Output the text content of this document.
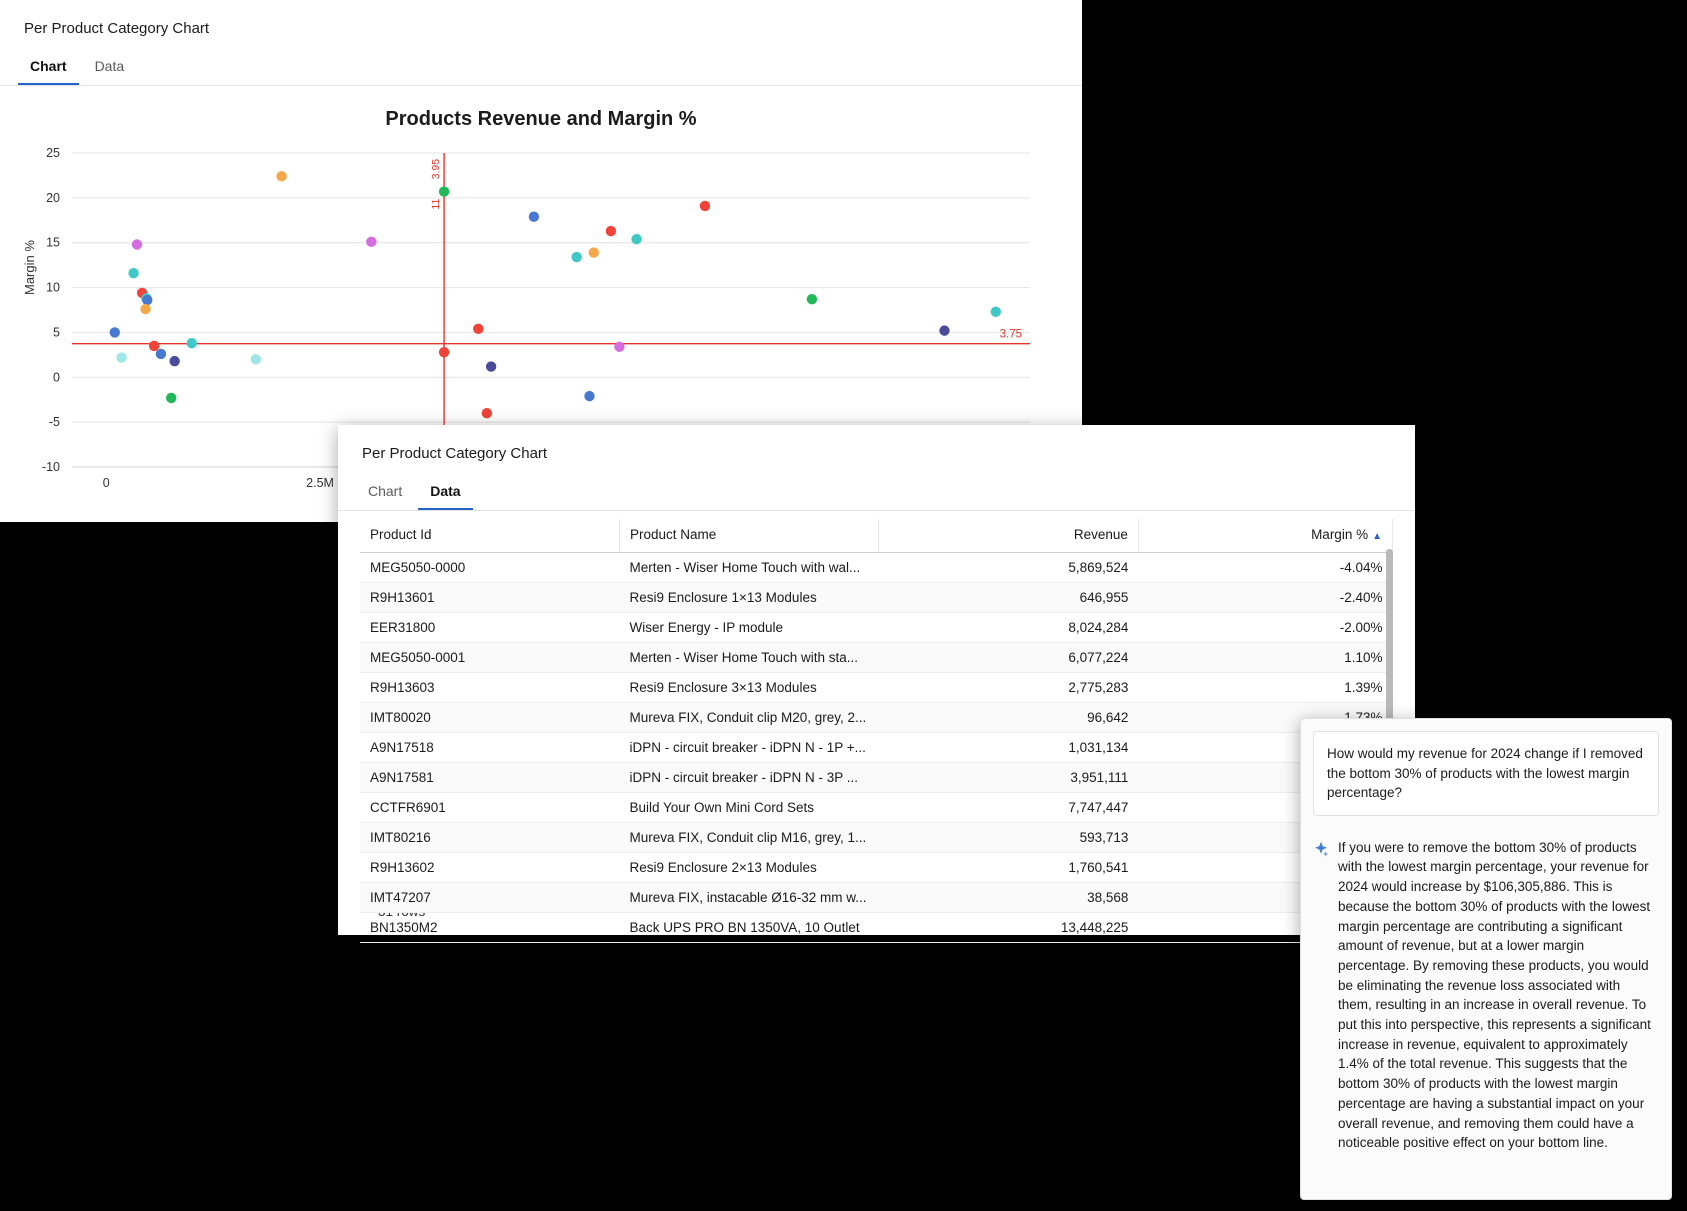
Per Product Category Chart
Chart	Data
Products Revenue and Margin %
Margin %
-10
-5
0
5
10
15
20
25
0	2.5M
3.95
11
3.75
Per Product Category Chart
Chart	Data
Product Id	Product Name	Revenue	Margin % ▲
MEG5050-0000	Merten - Wiser Home Touch with wal...	5,869,524	-4.04%
R9H13601	Resi9 Enclosure 1×13 Modules	646,955	-2.40%
EER31800	Wiser Energy - IP module	8,024,284	-2.00%
MEG5050-0001	Merten - Wiser Home Touch with sta...	6,077,224	1.10%
R9H13603	Resi9 Enclosure 3×13 Modules	2,775,283	1.39%
IMT80020	Mureva FIX, Conduit clip M20, grey, 2...	96,642	
A9N17518	iDPN - circuit breaker - iDPN N - 1P +...	1,031,134	
A9N17581	iDPN - circuit breaker - iDPN N - 3P ...	3,951,111	
CCTFR6901	Build Your Own Mini Cord Sets	7,747,447	
IMT80216	Mureva FIX, Conduit clip M16, grey, 1...	593,713	
R9H13602	Resi9 Enclosure 2×13 Modules	1,760,541	
IMT47207	Mureva FIX, instacable Ø16-32 mm w...	38,568	
BN1350M2	Back UPS PRO BN 1350VA, 10 Outlet	13,448,225	
How would my revenue for 2024 change if I removed the bottom 30% of products with the lowest margin percentage?
If you were to remove the bottom 30% of products with the lowest margin percentage, your revenue for 2024 would increase by $106,305,886. This is because the bottom 30% of products with the lowest margin percentage are contributing a significant amount of revenue, but at a lower margin percentage. By removing these products, you would be eliminating the revenue loss associated with them, resulting in an increase in overall revenue. To put this into perspective, this represents a significant increase in revenue, equivalent to approximately 1.4% of the total revenue. This suggests that the bottom 30% of products with the lowest margin percentage are having a substantial impact on your overall revenue, and removing them could have a noticeable positive effect on your bottom line.
